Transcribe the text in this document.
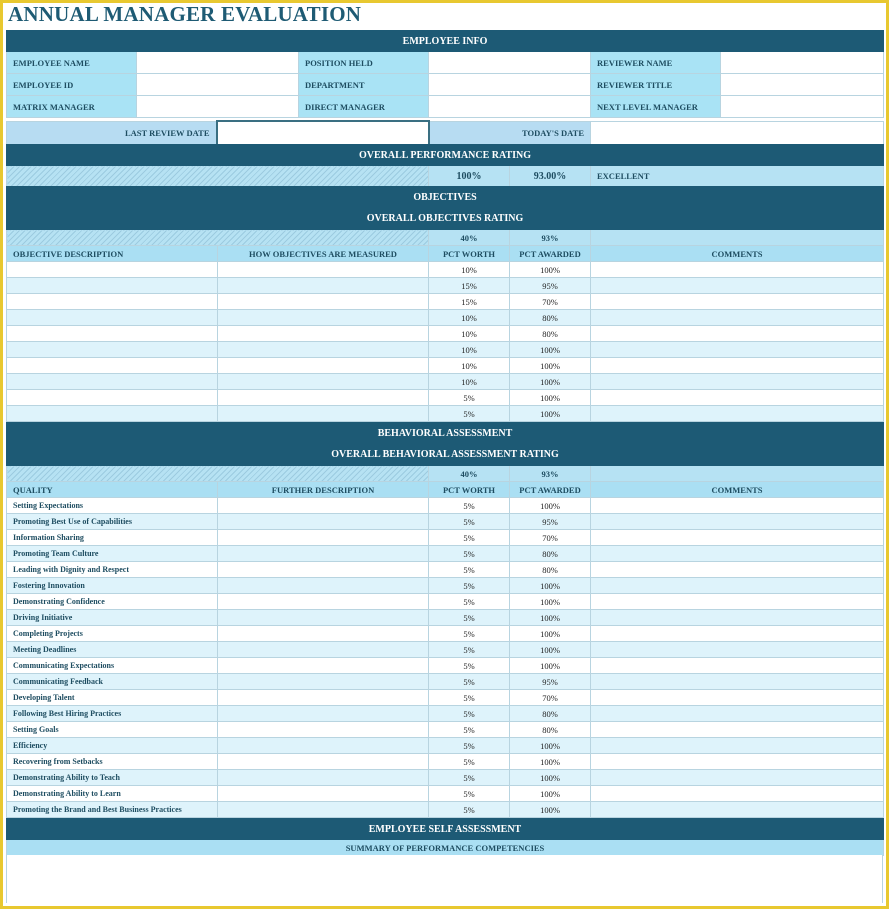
ANNUAL MANAGER EVALUATION
EMPLOYEE INFO					
EMPLOYEE NAME		POSITION HELD		REVIEWER NAME	
EMPLOYEE ID		DEPARTMENT		REVIEWER TITLE	
MATRIX MANAGER		DIRECT MANAGER		NEXT LEVEL MANAGER	
LAST REVIEW DATE		TODAY'S DATE	
OVERALL PERFORMANCE RATING
	100%	93.00%	EXCELLENT
OBJECTIVES				
OVERALL OBJECTIVES RATING				
		40%	93%	
OBJECTIVE DESCRIPTION	HOW OBJECTIVES ARE MEASURED	PCT WORTH	PCT AWARDED	COMMENTS
		10%	100%	
		15%	95%	
		15%	70%	
		10%	80%	
		10%	80%	
		10%	100%	
		10%	100%	
		10%	100%	
		5%	100%	
		5%	100%	
BEHAVIORAL ASSESSMENT				
OVERALL BEHAVIORAL ASSESSMENT RATING				
		40%	93%	
QUALITY	FURTHER DESCRIPTION	PCT WORTH	PCT AWARDED	COMMENTS
Setting Expectations		5%	100%	
Promoting Best Use of Capabilities		5%	95%	
Information Sharing		5%	70%	
Promoting Team Culture		5%	80%	
Leading with Dignity and Respect		5%	80%	
Fostering Innovation		5%	100%	
Demonstrating Confidence		5%	100%	
Driving Initiative		5%	100%	
Completing Projects		5%	100%	
Meeting Deadlines		5%	100%	
Communicating Expectations		5%	100%	
Communicating Feedback		5%	95%	
Developing Talent		5%	70%	
Following Best Hiring Practices		5%	80%	
Setting Goals		5%	80%	
Efficiency		5%	100%	
Recovering from Setbacks		5%	100%	
Demonstrating Ability to Teach		5%	100%	
Demonstrating Ability to Learn		5%	100%	
Promoting the Brand and Best Business Practices		5%	100%	
EMPLOYEE SELF ASSESSMENT
SUMMARY OF PERFORMANCE COMPETENCIES
